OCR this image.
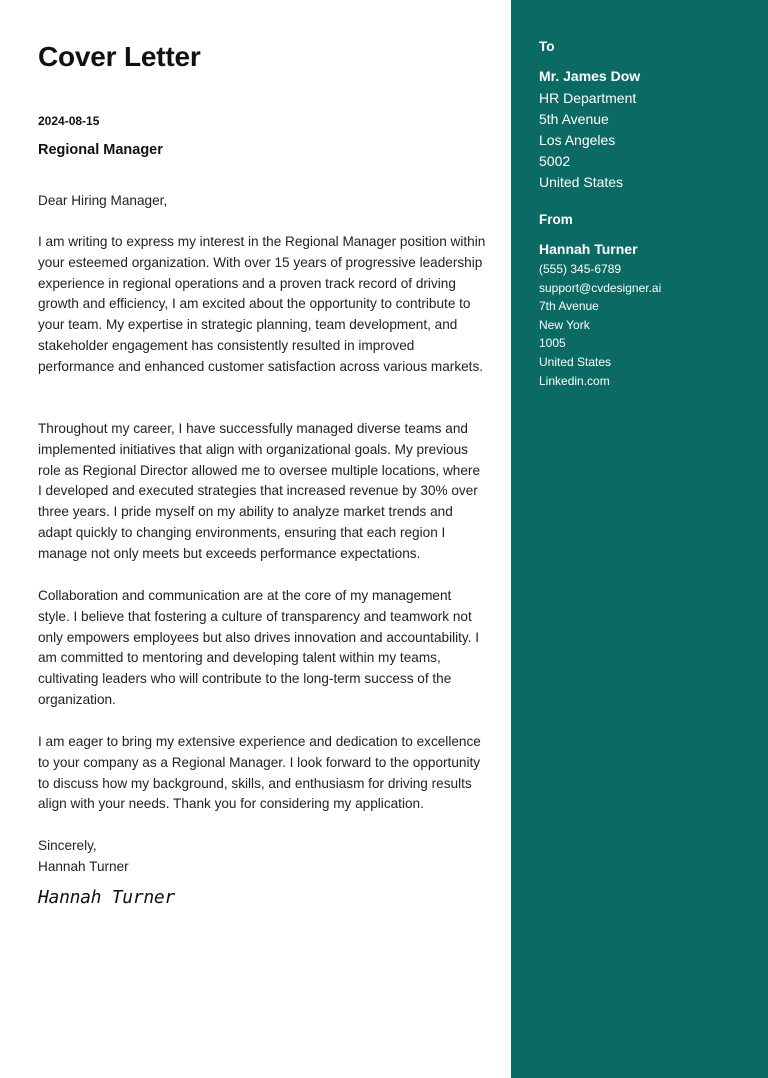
Cover Letter
2024-08-15
Regional Manager
Dear Hiring Manager,
I am writing to express my interest in the Regional Manager position within your esteemed organization. With over 15 years of progressive leadership experience in regional operations and a proven track record of driving growth and efficiency, I am excited about the opportunity to contribute to your team. My expertise in strategic planning, team development, and stakeholder engagement has consistently resulted in improved performance and enhanced customer satisfaction across various markets.
Throughout my career, I have successfully managed diverse teams and implemented initiatives that align with organizational goals. My previous role as Regional Director allowed me to oversee multiple locations, where I developed and executed strategies that increased revenue by 30% over three years. I pride myself on my ability to analyze market trends and adapt quickly to changing environments, ensuring that each region I manage not only meets but exceeds performance expectations.
Collaboration and communication are at the core of my management style. I believe that fostering a culture of transparency and teamwork not only empowers employees but also drives innovation and accountability. I am committed to mentoring and developing talent within my teams, cultivating leaders who will contribute to the long-term success of the organization.
I am eager to bring my extensive experience and dedication to excellence to your company as a Regional Manager. I look forward to the opportunity to discuss how my background, skills, and enthusiasm for driving results align with your needs. Thank you for considering my application.
Sincerely,
Hannah Turner
Hannah Turner
To
Mr. James Dow
HR Department
5th Avenue
Los Angeles
5002
United States
From
Hannah Turner
(555) 345-6789
support@cvdesigner.ai
7th Avenue
New York
1005
United States
Linkedin.com
